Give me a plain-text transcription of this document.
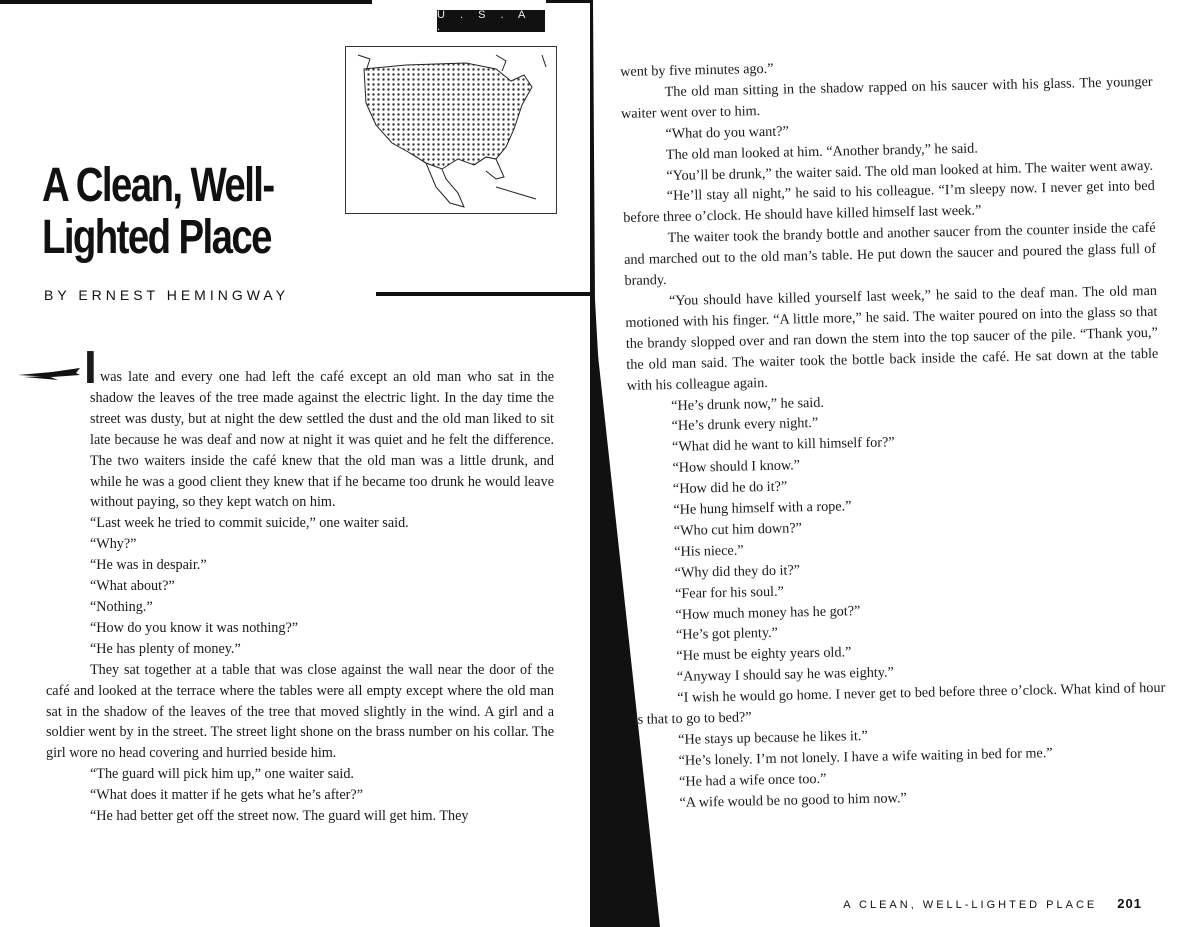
U . S . A .
A Clean, Well-
Lighted Place
BY ERNEST HEMINGWAY
I

t was late and every one had left the café except an old man who sat in the shadow the leaves of the tree made against the electric light. In the day time the street was dusty, but at night the dew settled the dust and the old man liked to sit late because he was deaf and now at night it was quiet and he felt the difference. The two waiters inside the café knew that the old man was a little drunk, and while he was a good client they knew that if he became too drunk he would leave without paying, so they kept watch on him.

“Last week he tried to commit suicide,” one waiter said.

“Why?”

“He was in despair.”

“What about?”

“Nothing.”

“How do you know it was nothing?”

“He has plenty of money.”

They sat together at a table that was close against the wall near the door of the café and looked at the terrace where the tables were all empty except where the old man sat in the shadow of the leaves of the tree that moved slightly in the wind. A girl and a soldier went by in the street. The street light shone on the brass number on his collar. The girl wore no head covering and hurried beside him.

“The guard will pick him up,” one waiter said.

“What does it matter if he gets what he’s after?”

“He had better get off the street now. The guard will get him. They

went by five minutes ago.”

The old man sitting in the shadow rapped on his saucer with his glass. The younger waiter went over to him.

“What do you want?”

The old man looked at him. “Another brandy,” he said.

“You’ll be drunk,” the waiter said. The old man looked at him. The waiter went away.

“He’ll stay all night,” he said to his colleague. “I’m sleepy now. I never get into bed before three o’clock. He should have killed himself last week.”

The waiter took the brandy bottle and another saucer from the counter inside the café and marched out to the old man’s table. He put down the saucer and poured the glass full of brandy.

“You should have killed yourself last week,” he said to the deaf man. The old man motioned with his finger. “A little more,” he said. The waiter poured on into the glass so that the brandy slopped over and ran down the stem into the top saucer of the pile. “Thank you,” the old man said. The waiter took the bottle back inside the café. He sat down at the table with his colleague again.

“He’s drunk now,” he said.

“He’s drunk every night.”

“What did he want to kill himself for?”

“How should I know.”

“How did he do it?”

“He hung himself with a rope.”

“Who cut him down?”

“His niece.”

“Why did they do it?”

“Fear for his soul.”

“How much money has he got?”

“He’s got plenty.”

“He must be eighty years old.”

“Anyway I should say he was eighty.”

“I wish he would go home. I never get to bed before three o’clock. What kind of hour is that to go to bed?”

“He stays up because he likes it.”

“He’s lonely. I’m not lonely. I have a wife waiting in bed for me.”

“He had a wife once too.”

“A wife would be no good to him now.”

A CLEAN, WELL-LIGHTED PLACE 201
